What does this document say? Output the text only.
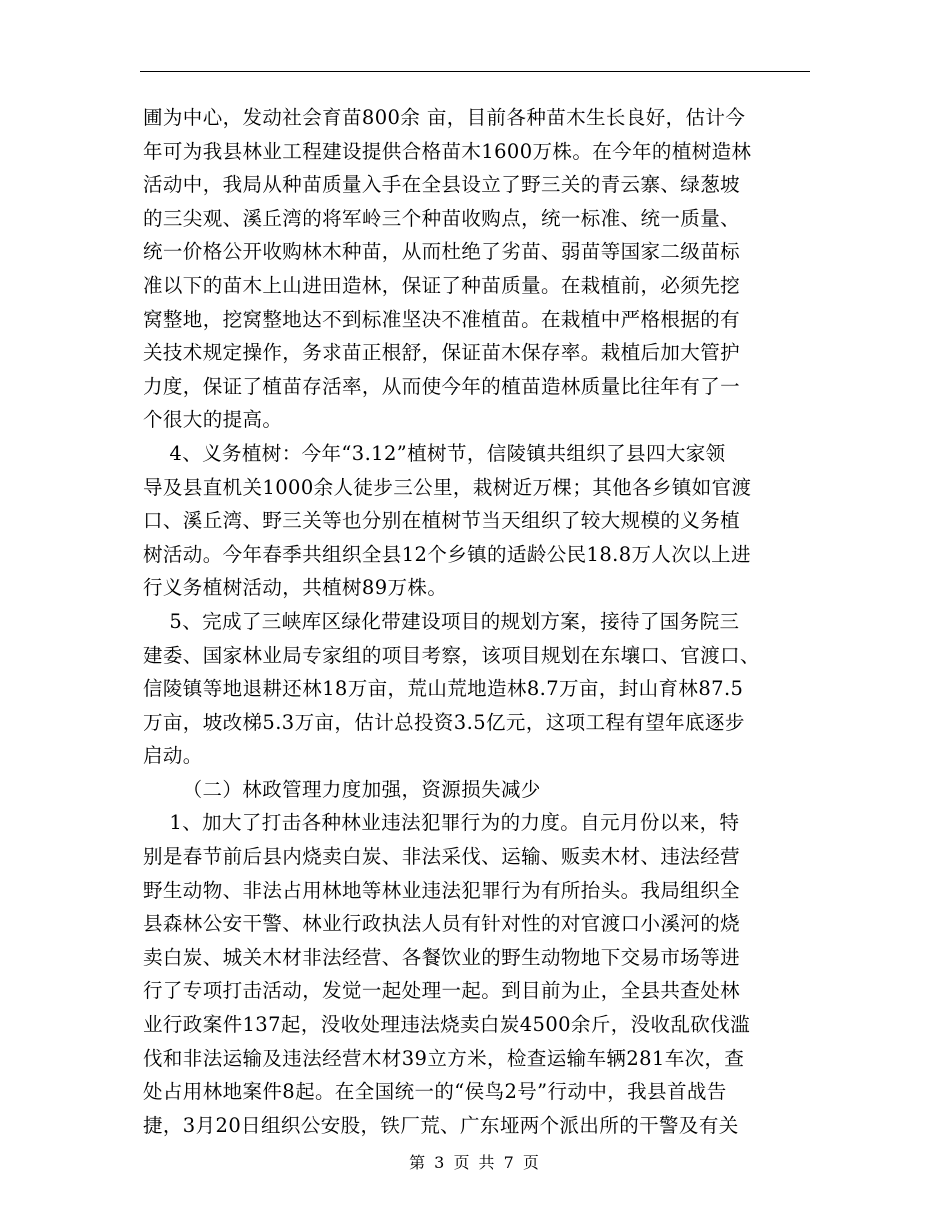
圃为中心，发动社会育苗800余 亩，目前各种苗木生长良好，估计今
年可为我县林业工程建设提供合格苗木1600万株。在今年的植树造林
活动中，我局从种苗质量入手在全县设立了野三关的青云寨、绿葱坡
的三尖观、溪丘湾的将军岭三个种苗收购点，统一标准、统一质量、
统一价格公开收购林木种苗，从而杜绝了劣苗、弱苗等国家二级苗标
准以下的苗木上山进田造林，保证了种苗质量。在栽植前，必须先挖
窝整地，挖窝整地达不到标准坚决不准植苗。在栽植中严格根据的有
关技术规定操作，务求苗正根舒，保证苗木保存率。栽植后加大管护
力度，保证了植苗存活率，从而使今年的植苗造林质量比往年有了一
个很大的提高。
4、义务植树：今年“3.12”植树节，信陵镇共组织了县四大家领
导及县直机关1000余人徒步三公里，栽树近万棵；其他各乡镇如官渡
口、溪丘湾、野三关等也分别在植树节当天组织了较大规模的义务植
树活动。今年春季共组织全县12个乡镇的适龄公民18.8万人次以上进
行义务植树活动，共植树89万株。
5、完成了三峡库区绿化带建设项目的规划方案，接待了国务院三
建委、国家林业局专家组的项目考察，该项目规划在东壤口、官渡口、
信陵镇等地退耕还林18万亩，荒山荒地造林8.7万亩，封山育林87.5
万亩，坡改梯5.3万亩，估计总投资3.5亿元，这项工程有望年底逐步
启动。
（二）林政管理力度加强，资源损失减少
1、加大了打击各种林业违法犯罪行为的力度。自元月份以来，特
别是春节前后县内烧卖白炭、非法采伐、运输、贩卖木材、违法经营
野生动物、非法占用林地等林业违法犯罪行为有所抬头。我局组织全
县森林公安干警、林业行政执法人员有针对性的对官渡口小溪河的烧
卖白炭、城关木材非法经营、各餐饮业的野生动物地下交易市场等进
行了专项打击活动，发觉一起处理一起。到目前为止，全县共查处林
业行政案件137起，没收处理违法烧卖白炭4500余斤，没收乱砍伐滥
伐和非法运输及违法经营木材39立方米，检查运输车辆281车次，查
处占用林地案件8起。在全国统一的“侯鸟2号”行动中，我县首战告
捷，3月20日组织公安股，铁厂荒、广东垭两个派出所的干警及有关
第 3 页 共 7 页
